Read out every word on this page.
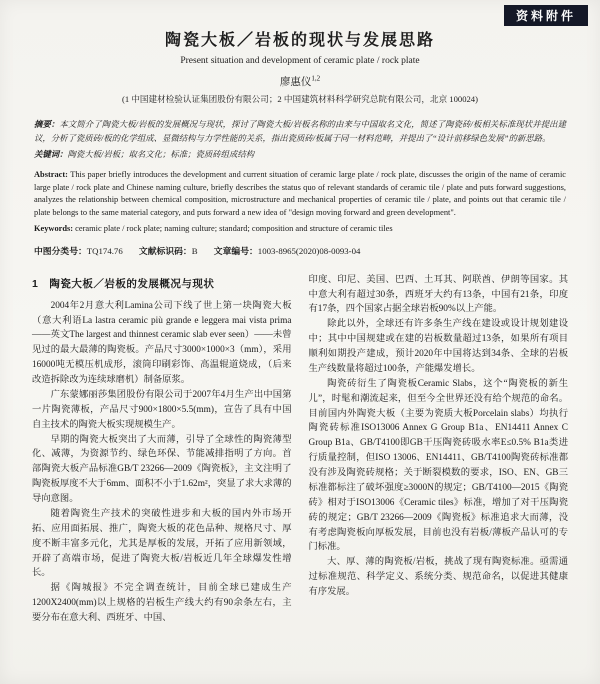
资料附件
陶瓷大板／岩板的现状与发展思路
Present situation and development of ceramic plate / rock plate
廖惠仪$^{1,2}$
(1 中国建材检验认证集团股份有限公司；2 中国建筑材料科学研究总院有限公司，北京 100024)

摘要：本文简介了陶瓷大板/岩板的发展概况与现状，探讨了陶瓷大板/岩板名称的由来与中国取名文化，简述了陶瓷砖/板相关标准现状并提出建议，分析了瓷质砖/板的化学组成、显微结构与力学性能的关系，指出瓷质砖/板属于同一材料范畴，并提出了“设计前移绿色发展”的新思路。

关键词：陶瓷大板/岩板；取名文化；标准；瓷质砖组成结构

Abstract: This paper briefly introduces the development and current situation of ceramic large plate / rock plate, discusses the origin of the name of ceramic large plate / rock plate and Chinese naming culture, briefly describes the status quo of relevant standards of ceramic tile / plate and puts forward suggestions, analyzes the relationship between chemical composition, microstructure and mechanical properties of ceramic tile / plate, and points out that ceramic tile / plate belongs to the same material category, and puts forward a new idea of "design moving forward and green development".

Keywords: ceramic plate / rock plate; naming culture; standard; composition and structure of ceramic tiles

中图分类号：TQ174.76 文献标识码：B 文章编号：1003-8965(2020)08-0093-04

1　陶瓷大板／岩板的发展概况与现状

2004年2月意大利Lamina公司下线了世上第一块陶瓷大板（意大利语La lastra ceramic più grande e leggera mai vista prima——英文The largest and thinnest ceramic slab ever seen）——未曾见过的最大最薄的陶瓷板。产品尺寸3000×1000×3（mm），采用16000吨无模压机成形，滚筒印刷彩饰、高温辊道烧成，（后来改造拆除改为连续球磨机）制备原浆。

广东蒙娜丽莎集团股份有限公司于2007年4月生产出中国第一片陶瓷薄板，产品尺寸900×1800×5.5(mm)，宣告了具有中国自主技术的陶瓷大板实现规模生产。

早期的陶瓷大板突出了大而薄，引导了全球性的陶瓷薄型化、减薄，为资源节约、绿色环保、节能减排指明了方向。首部陶瓷大板产品标准GB/T 23266—2009《陶瓷板》，主文注明了陶瓷板厚度不大于6mm、面积不小于1.62m²，突显了求大求薄的导向意图。

随着陶瓷生产技术的突破性进步和大板的国内外市场开拓、应用面拓展、推广，陶瓷大板的花色品种、规格尺寸、厚度不断丰富多元化，尤其是厚板的发展，开拓了应用新领域，开辟了高端市场，促进了陶瓷大板/岩板近几年全球爆发性增长。

据《陶城报》不完全调查统计，目前全球已建成生产1200X2400(mm)以上规格的岩板生产线大约有90余条左右，主要分布在意大利、西班牙、中国、

印度、印尼、美国、巴西、土耳其、阿联酋、伊朗等国家。其中意大利有超过30条，西班牙大约有13条，中国有21条，印度有17条，四个国家占据全球岩板90%以上产能。

除此以外，全球还有许多条生产线在建设或设计规划建设中；其中中国规建或在建的岩板数量超过13条，如果所有项目顺利如期投产建成，预计2020年中国将达到34条、全球的岩板生产线数量将超过100条，产能爆发增长。

陶瓷砖衍生了陶瓷板Ceramic Slabs，这个“陶瓷板的新生儿”，时髦和潮流起来，但至今全世界还没有给个规范的命名。目前国内外陶瓷大板（主要为瓷质大板Porcelain slabs）均执行陶瓷砖标准ISO13006 Annex G Group B1a、EN14411 Annex C Group B1a、GB/T4100即GB干压陶瓷砖吸水率E≤0.5% B1a类进行质量控制，但ISO 13006、EN14411、GB/T4100陶瓷砖标准都没有涉及陶瓷砖规格；关于断裂模数的要求，ISO、EN、GB三标准都标注了破坏强度≥3000N的规定；GB/T4100—2015《陶瓷砖》相对于ISO13006《Ceramic tiles》标准，增加了对干压陶瓷砖的规定；GB/T 23266—2009《陶瓷板》标准追求大而薄，没有考虑陶瓷板向厚板发展，目前也没有岩板/薄板产品认可的专门标准。

大、厚、薄的陶瓷板/岩板，挑战了现有陶瓷标准。亟需通过标准规范、科学定义、系统分类、规范命名，以促进其健康有序发展。
